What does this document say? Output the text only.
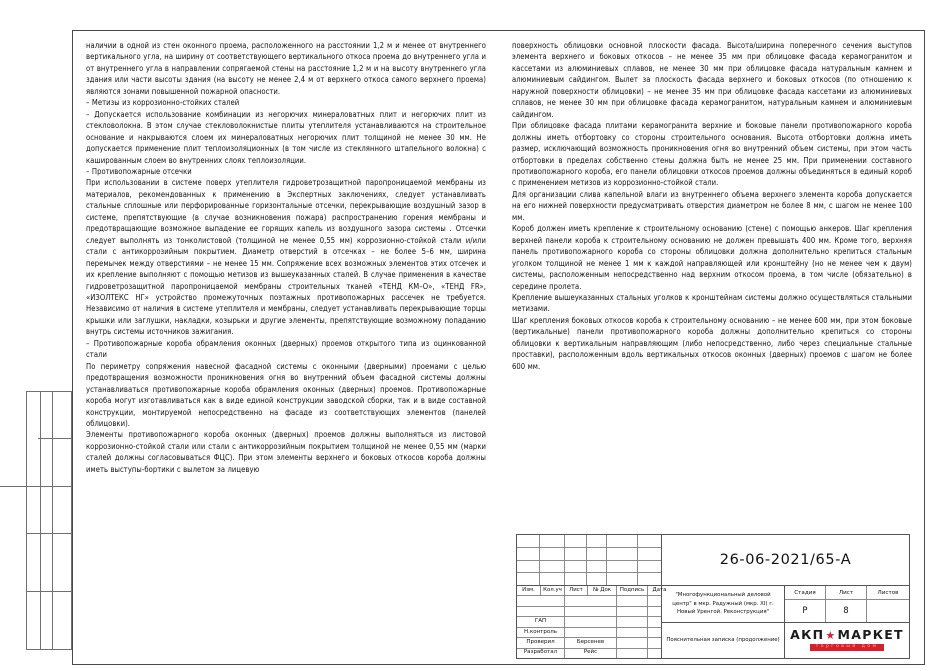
наличии в одной из стен оконного проема, расположенного на расстоянии 1,2 м и менее от внутреннего вертикального угла, на ширину от соответствующего вертикального откоса проема до внутреннего угла и от внутреннего угла в направлении сопрягаемой стены на расстояние 1,2 м и на высоту внутреннего угла здания или части высоты здания (на высоту не менее 2,4 м от верхнего откоса самого верхнего проема) являются зонами повышенной пожарной опасности.

– Метизы из коррозионно-стойких сталей

– Допускается использование комбинации из негорючих минераловатных плит и негорючих плит из стекловолокна. В этом случае стекловолокнистые плиты утеплителя устанавливаются на строительное основание и накрываются слоем их минераловатных негорючих плит толщиной не менее 30 мм. Не допускается применение плит теплоизоляционных (в том числе из стеклянного штапельного волокна) с кашированным слоем во внутренних слоях теплоизоляции.

– Противопожарные отсечки

При использовании в системе поверх утеплителя гидроветрозащитной паропроницаемой мембраны из материалов, рекомендованных к применению в Экспертных заключениях, следует устанавливать стальные сплошные или перфорированные горизонтальные отсечки, перекрывающие воздушный зазор в системе, препятствующие (в случае возникновения пожара) распространению горения мембраны и предотвращающие возможное выпадение ее горящих капель из воздушного зазора системы . Отсечки следует выполнять из тонколистовой (толщиной не менее 0,55 мм) коррозионно-стойкой стали и/или стали с антикоррозийным покрытием. Диаметр отверстий в отсечках – не более 5–6 мм, ширина перемычек между отверстиями – не менее 15 мм. Сопряжение всех возможных элементов этих отсечек и их крепление выполняют с помощью метизов из вышеуказанных сталей. В случае применения в качестве гидроветрозащитной паропроницаемой мембраны строительных тканей «ТЕНД КМ–О», «ТЕНД FR», «ИЗОЛТЕКС НГ» устройство промежуточных поэтажных противопожарных рассечек не требуется. Независимо от наличия в системе утеплителя и мембраны, следует устанавливать перекрывающие торцы крышки или заглушки, накладки, козырьки и другие элементы, препятствующие возможному попаданию внутрь системы источников зажигания.

– Противопожарные короба обрамления оконных (дверных) проемов открытого типа из оцинкованной стали

По периметру сопряжения навесной фасадной системы с оконными (дверными) проемами с целью предотвращения возможности проникновения огня во внутренний объем фасадной системы должны устанавливаться противопожарные короба обрамления оконных (дверных) проемов. Противопожарные короба могут изготавливаться как в виде единой конструкции заводской сборки, так и в виде составной конструкции, монтируемой непосредственно на фасаде из соответствующих элементов (панелей облицовки).

Элементы противопожарного короба оконных (дверных) проемов должны выполняться из листовой коррозионно-стойкой стали или стали с антикоррозийным покрытием толщиной не менее 0,55 мм (марки сталей должны согласовываться ФЦС). При этом элементы верхнего и боковых откосов короба должны иметь выступы-бортики с вылетом за лицевую

поверхность облицовки основной плоскости фасада. Высота/ширина поперечного сечения выступов элемента верхнего и боковых откосов – не менее 35 мм при облицовке фасада керамогранитом и кассетами из алюминиевых сплавов, не менее 30 мм при облицовке фасада натуральным камнем и алюминиевым сайдингом. Вылет за плоскость фасада верхнего и боковых откосов (по отношению к наружной поверхности облицовки) – не менее 35 мм при облицовке фасада кассетами из алюминиевых сплавов, не менее 30 мм при облицовке фасада керамогранитом, натуральным камнем и алюминиевым сайдингом.

При облицовке фасада плитами керамогранита верхние и боковые панели противопожарного короба должны иметь отбортовку со стороны строительного основания. Высота отбортовки должна иметь размер, исключающий возможность проникновения огня во внутренний объем системы, при этом часть отбортовки в пределах собственно стены должна быть не менее 25 мм. При применении составного противопожарного короба, его панели облицовки откосов проемов должны объединяться в единый короб с применением метизов из коррозионно-стойкой стали.

Для организации слива капельной влаги из внутреннего объема верхнего элемента короба допускается на его нижней поверхности предусматривать отверстия диаметром не более 8 мм, с шагом не менее 100 мм.

Короб должен иметь крепление к строительному основанию (стене) с помощью анкеров. Шаг крепления верхней панели короба к строительному основанию не должен превышать 400 мм. Кроме того, верхняя панель противопожарного короба со стороны облицовки должна дополнительно крепиться стальным уголком толщиной не менее 1 мм к каждой направляющей или кронштейну (но не менее чем к двум) системы, расположенным непосредственно над верхним откосом проема, в том числе (обязательно) в середине пролета.

Крепление вышеуказанных стальных уголков к кронштейнам системы должно осуществляться стальными метизами.

Шаг крепления боковых откосов короба к строительному основанию – не менее 600 мм, при этом боковые (вертикальные) панели противопожарного короба должны дополнительно крепиться со стороны облицовки к вертикальным направляющим (либо непосредственно, либо через специальные стальные проставки), расположенным вдоль вертикальных откосов оконных (дверных) проемов с шагом не более 600 мм.

26-06-2021/65-A
Изм.	Кол.уч	Лист	№ Док	Подпись	Дата
ГАП
Н.контроль
Проверил	Берсенев
Разработал	Рейс
"Многофункциональный деловой центр" в мкр. Радужный (мкр. XI) г. Новый Уренгой. Реконструкция"
Стадия	Лист	Листов
Р	8
Пояснительная записка (продолжение) АКП ★ МАРКЕТ
торговый дом
